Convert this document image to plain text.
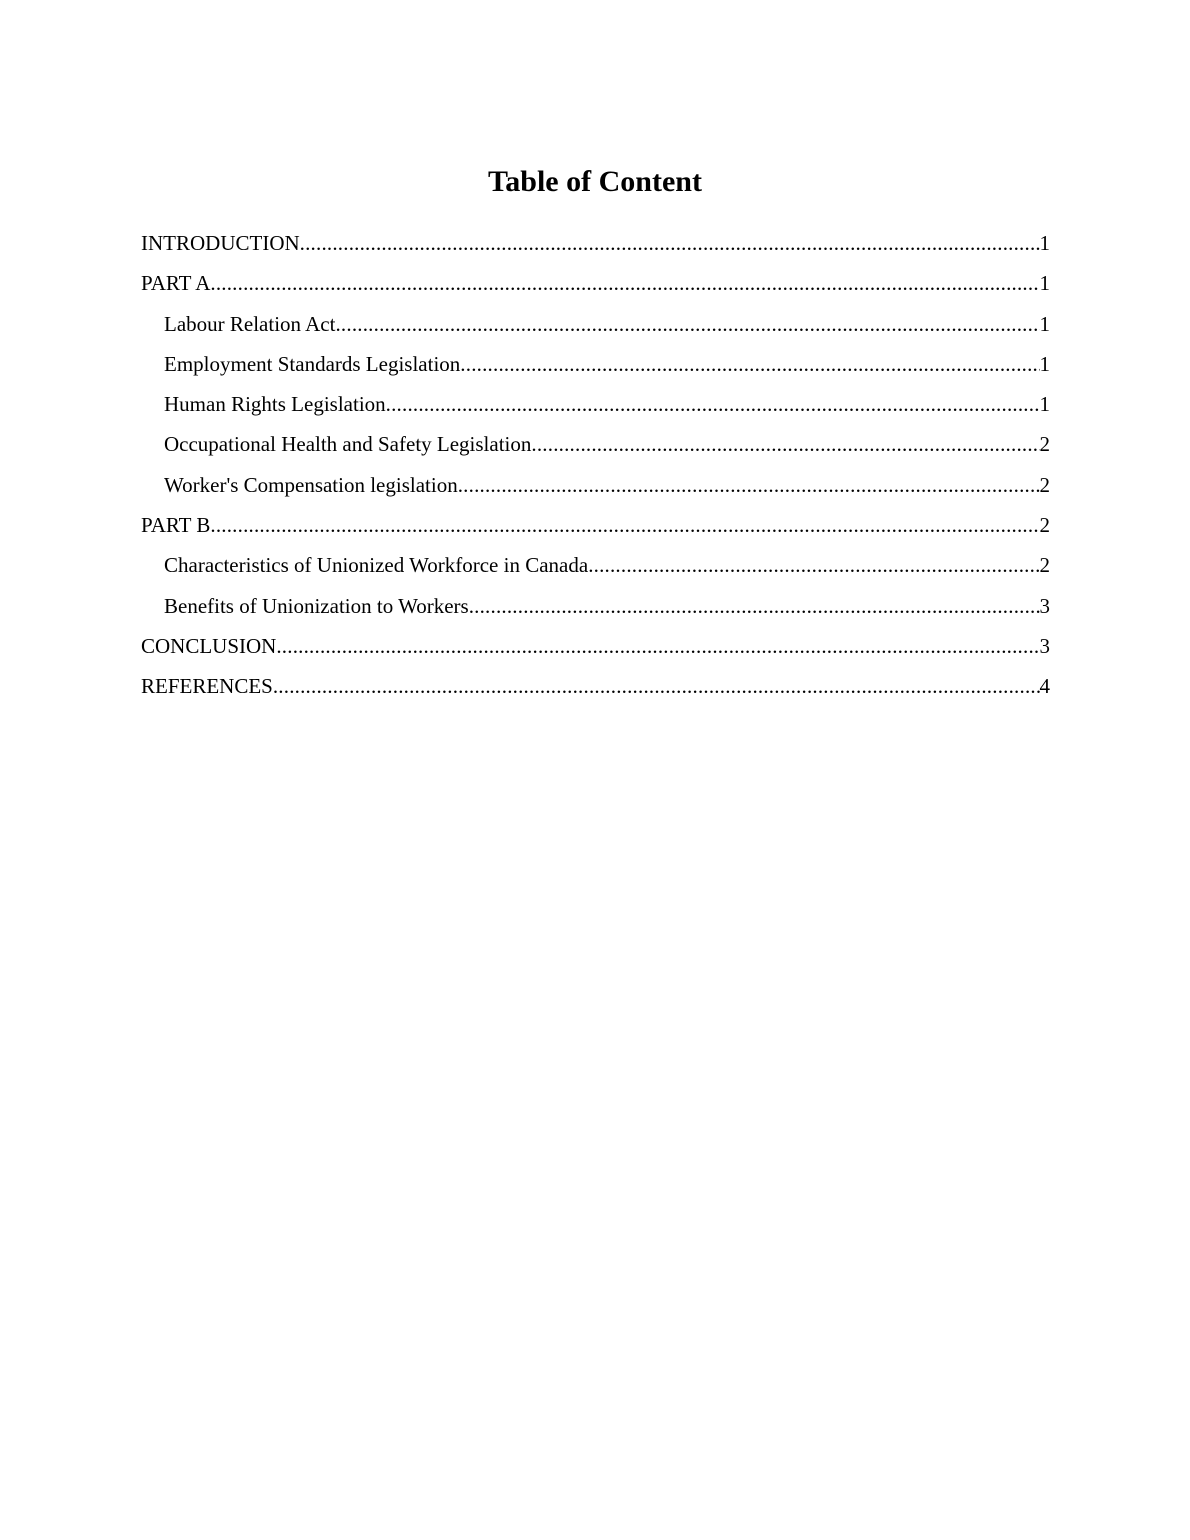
Table of Content
INTRODUCTION .....	1
PART A .....	1
Labour Relation Act .....	1
Employment Standards Legislation .....	1
Human Rights Legislation .....	1
Occupational Health and Safety Legislation .....	2
Worker's Compensation legislation .....	2
PART B .....	2
Characteristics of Unionized Workforce in Canada .....	2
Benefits of Unionization to Workers .....	3
CONCLUSION .....	3
REFERENCES .....	4
